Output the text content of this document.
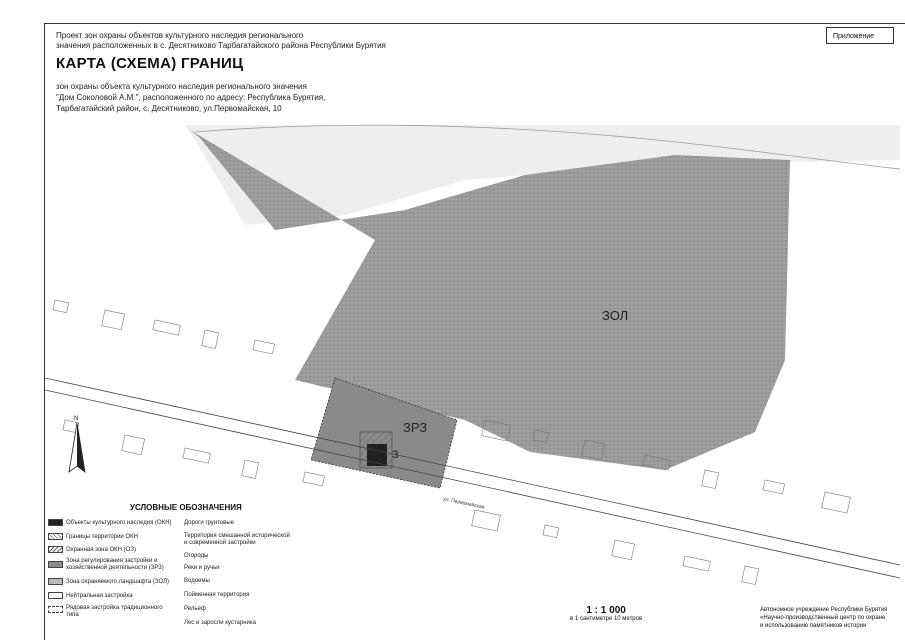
Проект зон охраны объектов культурного наследия регионального
значения расположенных в с. Десятниково Тарбагатайского района Республики Бурятия
Приложение
КАРТА (СХЕМА) ГРАНИЦ
зон охраны объекта культурного наследия регионального значения
"Дом Соколовой А.М.", расположенного по адресу: Республика Бурятия,
Тарбагатайский район, с. Десятниково, ул.Первомайская, 10
ЗОЛ
ЗРЗ
З
ул. Первомайская
N
УСЛОВНЫЕ ОБОЗНАЧЕНИЯ
Объекты культурного наследия (ОКН)
Границы территории ОКН
Охранная зона ОКН (ОЗ)
Зона регулирования застройки и
хозяйственной деятельности (ЗРЗ)
Зона охраняемого ландшафта (ЗОЛ)
Нейтральная застройка
Рядовая застройка традиционного
типа
Дороги грунтовые
Территория смешанной исторической
и современной застройки
Огороды
Реки и ручьи
Водоемы
Пойменная территория
Рельеф
Лес и заросли кустарника
1 : 1 000
в 1 сантиметре 10 метров
Автономное учреждение Республики Бурятия
«Научно-производственный центр по охране
и использованию памятников истории
